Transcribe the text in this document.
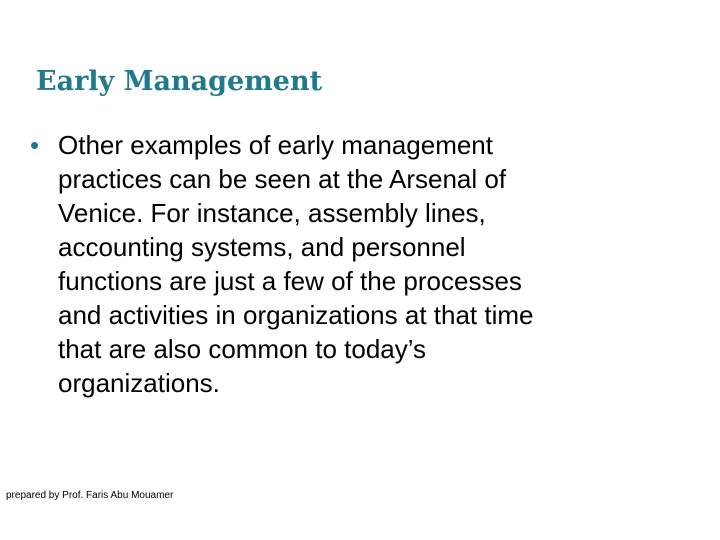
Early Management
• Other examples of early management
practices can be seen at the Arsenal of
Venice. For instance, assembly lines,
accounting systems, and personnel
functions are just a few of the processes
and activities in organizations at that time
that are also common to today’s
organizations.

prepared by Prof. Faris Abu Mouamer
